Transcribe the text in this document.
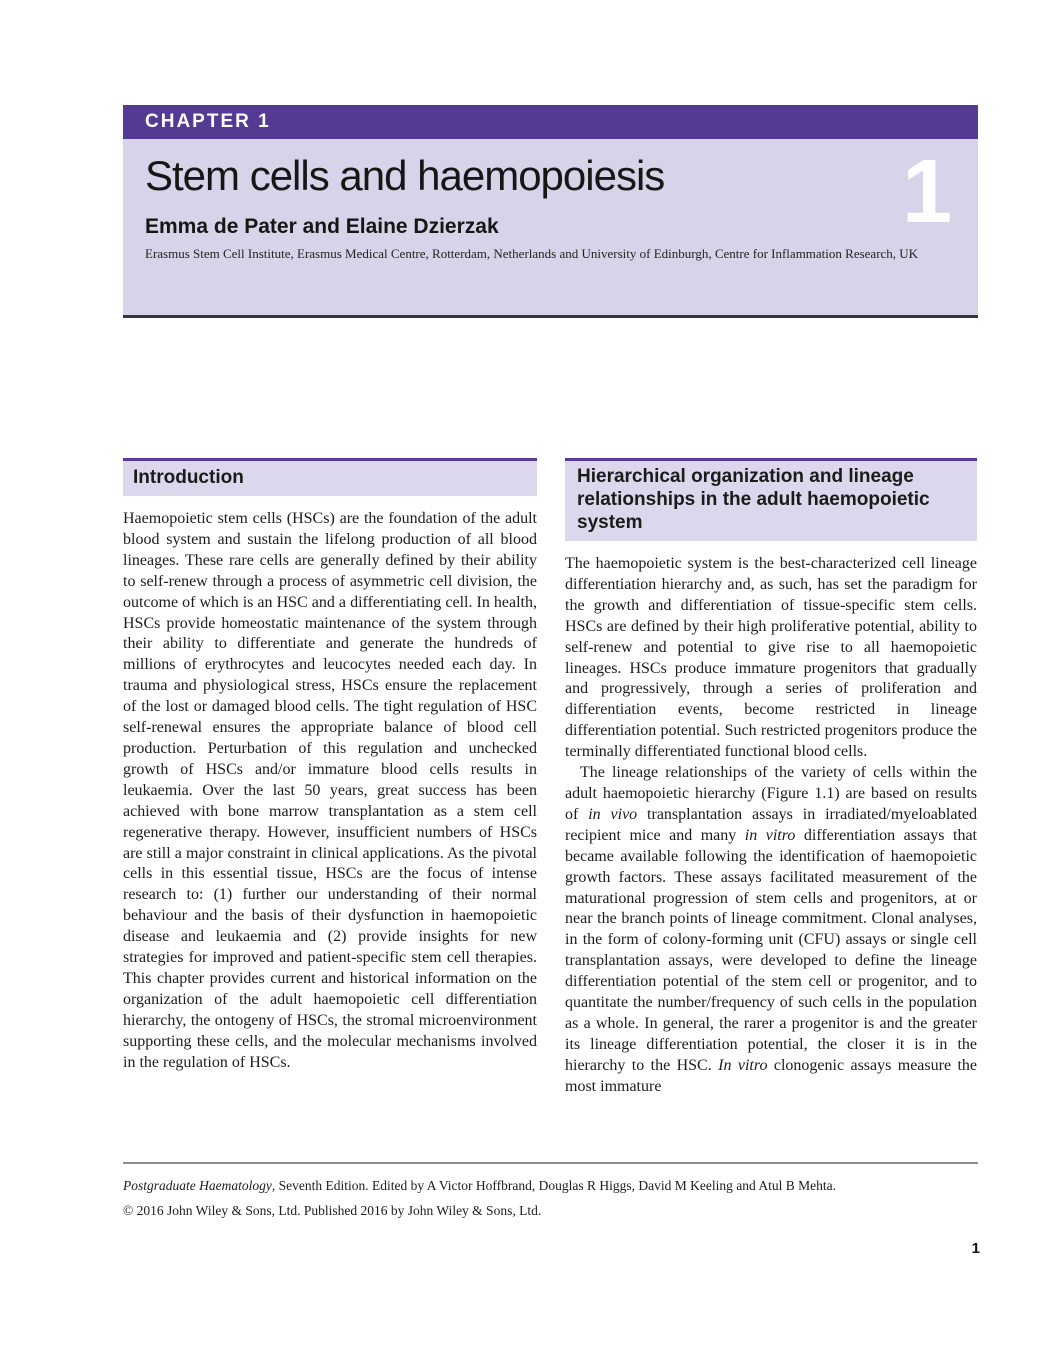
CHAPTER 1
Stem cells and haemopoiesis
Emma de Pater and Elaine Dzierzak
Erasmus Stem Cell Institute, Erasmus Medical Centre, Rotterdam, Netherlands and University of Edinburgh, Centre for Inflammation Research, UK
1
Introduction

Haemopoietic stem cells (HSCs) are the foundation of the adult blood system and sustain the lifelong production of all blood lineages. These rare cells are generally defined by their ability to self-renew through a process of asymmetric cell division, the outcome of which is an HSC and a differentiating cell. In health, HSCs provide homeostatic maintenance of the system through their ability to differentiate and generate the hundreds of millions of erythrocytes and leucocytes needed each day. In trauma and physiological stress, HSCs ensure the replacement of the lost or damaged blood cells. The tight regulation of HSC self-renewal ensures the appropriate balance of blood cell production. Perturbation of this regulation and unchecked growth of HSCs and/or immature blood cells results in leukaemia. Over the last 50 years, great success has been achieved with bone marrow transplantation as a stem cell regenerative therapy. However, insufficient numbers of HSCs are still a major constraint in clinical applications. As the pivotal cells in this essential tissue, HSCs are the focus of intense research to: (1) further our understanding of their normal behaviour and the basis of their dysfunction in haemopoietic disease and leukaemia and (2) provide insights for new strategies for improved and patient-specific stem cell therapies. This chapter provides current and historical information on the organization of the adult haemopoietic cell differentiation hierarchy, the ontogeny of HSCs, the stromal microenvironment supporting these cells, and the molecular mechanisms involved in the regulation of HSCs.

Hierarchical organization and lineage relationships in the adult haemopoietic system

The haemopoietic system is the best-characterized cell lineage differentiation hierarchy and, as such, has set the paradigm for the growth and differentiation of tissue-specific stem cells. HSCs are defined by their high proliferative potential, ability to self-renew and potential to give rise to all haemopoietic lineages. HSCs produce immature progenitors that gradually and progressively, through a series of proliferation and differentiation events, become restricted in lineage differentiation potential. Such restricted progenitors produce the terminally differentiated functional blood cells.

The lineage relationships of the variety of cells within the adult haemopoietic hierarchy (Figure 1.1) are based on results of in vivo transplantation assays in irradiated/myeloablated recipient mice and many in vitro differentiation assays that became available following the identification of haemopoietic growth factors. These assays facilitated measurement of the maturational progression of stem cells and progenitors, at or near the branch points of lineage commitment. Clonal analyses, in the form of colony-forming unit (CFU) assays or single cell transplantation assays, were developed to define the lineage differentiation potential of the stem cell or progenitor, and to quantitate the number/frequency of such cells in the population as a whole. In general, the rarer a progenitor is and the greater its lineage differentiation potential, the closer it is in the hierarchy to the HSC. In vitro clonogenic assays measure the most immature

Postgraduate Haematology, Seventh Edition. Edited by A Victor Hoffbrand, Douglas R Higgs, David M Keeling and Atul B Mehta.

© 2016 John Wiley & Sons, Ltd. Published 2016 by John Wiley & Sons, Ltd.

1
